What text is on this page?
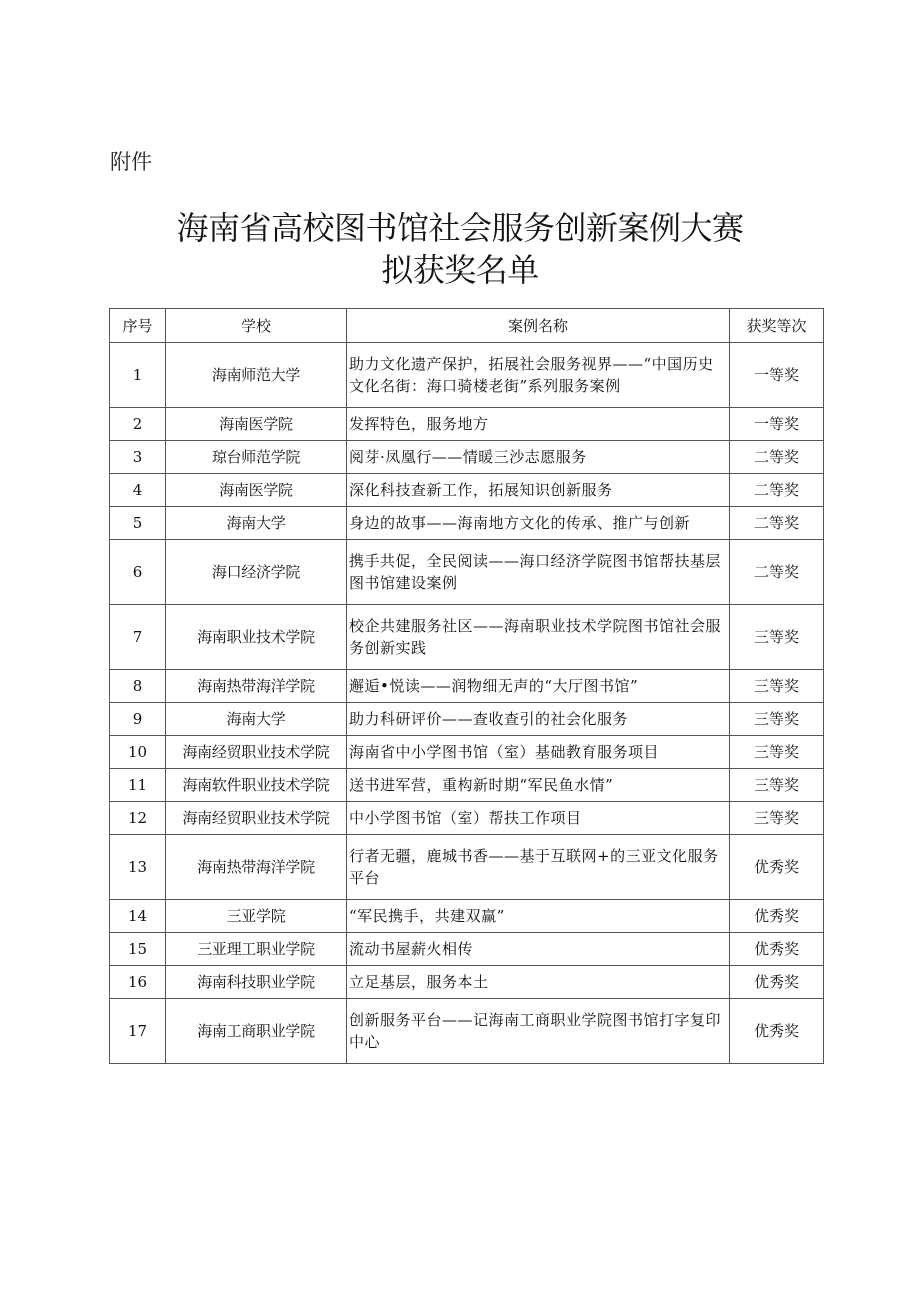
附件
海南省高校图书馆社会服务创新案例大赛
拟获奖名单
序号	学校	案例名称	获奖等次
1	海南师范大学	助力文化遗产保护，拓展社会服务视界——“中国历史文化名街：海口骑楼老街”系列服务案例	一等奖
2	海南医学院	发挥特色，服务地方	一等奖
3	琼台师范学院	阅芽·凤凰行——情暖三沙志愿服务	二等奖
4	海南医学院	深化科技查新工作，拓展知识创新服务	二等奖
5	海南大学	身边的故事——海南地方文化的传承、推广与创新	二等奖
6	海口经济学院	携手共促，全民阅读——海口经济学院图书馆帮扶基层图书馆建设案例	二等奖
7	海南职业技术学院	校企共建服务社区——海南职业技术学院图书馆社会服务创新实践	三等奖
8	海南热带海洋学院	邂逅•悦读——润物细无声的“大厅图书馆”	三等奖
9	海南大学	助力科研评价——查收查引的社会化服务	三等奖
10	海南经贸职业技术学院	海南省中小学图书馆（室）基础教育服务项目	三等奖
11	海南软件职业技术学院	送书进军营，重构新时期“军民鱼水情”	三等奖
12	海南经贸职业技术学院	中小学图书馆（室）帮扶工作项目	三等奖
13	海南热带海洋学院	行者无疆，鹿城书香——基于互联网+的三亚文化服务平台	优秀奖
14	三亚学院	“军民携手，共建双赢”	优秀奖
15	三亚理工职业学院	流动书屋薪火相传	优秀奖
16	海南科技职业学院	立足基层，服务本土	优秀奖
17	海南工商职业学院	创新服务平台——记海南工商职业学院图书馆打字复印中心	优秀奖
